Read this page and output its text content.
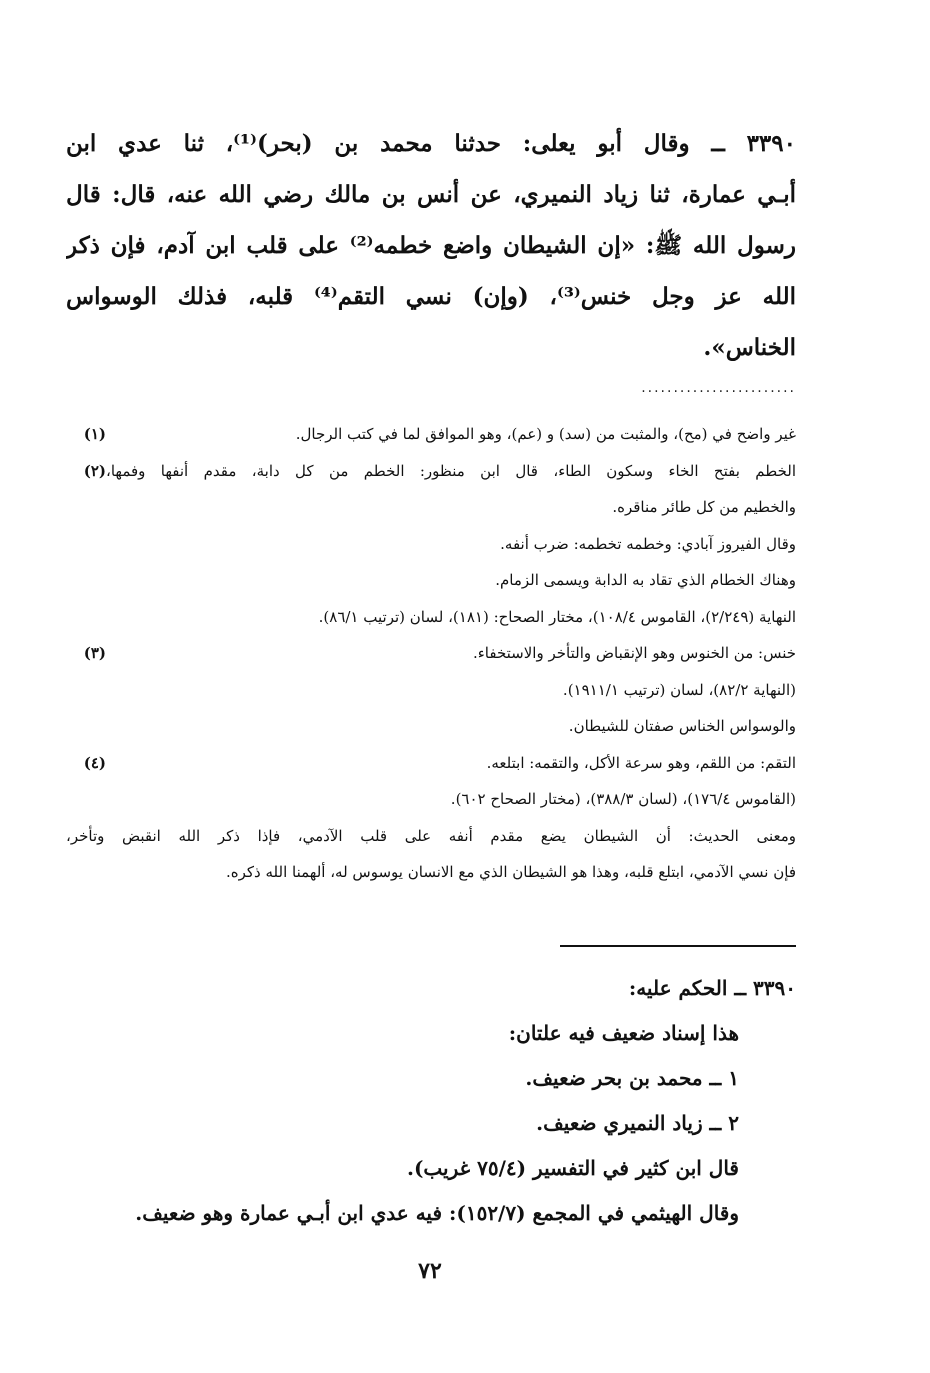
٣٣٩٠ ــ وقال أبو يعلى: حدثنا محمد بن (بحر)⁽¹⁾، ثنا عدي ابن
أبـي عمارة، ثنا زياد النميري، عن أنس بن مالك رضي الله عنه، قال: قال
رسول الله ﷺ: «إن الشيطان واضع خطمه⁽²⁾ على قلب ابن آدم، فإن ذكر
الله عز وجل خنس⁽³⁾، (وإن) نسي التقم⁽⁴⁾ قلبه، فذلك الوسواس
الخناس».
........................
(١)	غير واضح في (مح)، والمثبت من (سد) و (عم)، وهو الموافق لما في كتب الرجال.
(٢) الخطم بفتح الخاء وسكون الطاء، قال ابن منظور: الخطم من كل دابة، مقدم أنفها وفمها،
والخطيم من كل طائر مناقره.
وقال الفيروز آبادي: وخطمه تخطمه: ضرب أنفه.
وهناك الخطام الذي تقاد به الدابة ويسمى الزمام.
النهاية (٢/٢٤٩)، القاموس ١٠٨/٤)، مختار الصحاح: (١٨١)، لسان (ترتيب ٨٦/١).
(٣)	خنس: من الخنوس وهو الإنقباض والتأخر والاستخفاء.
(النهاية ٨٢/٢)، لسان (ترتيب ١٩١١/١).
والوسواس الخناس صفتان للشيطان.
(٤)	التقم: من اللقم، وهو سرعة الأكل، والتقمه: ابتلعه.
(القاموس ١٧٦/٤)، (لسان ٣٨٨/٣)، (مختار الصحاح ٦٠٢).
ومعنى الحديث: أن الشيطان يضع مقدم أنفه على قلب الآدمي، فإذا ذكر الله انقبض وتأخر،
فإن نسي الآدمي، ابتلع قلبه، وهذا هو الشيطان الذي مع الانسان يوسوس له، ألهمنا الله ذكره.
٣٣٩٠ ــ الحكم عليه:
هذا إسناد ضعيف فيه علتان:
١ ــ محمد بن بحر ضعيف.
٢ ــ زياد النميري ضعيف.
قال ابن كثير في التفسير (٧٥/٤ غريب).
وقال الهيثمي في المجمع (١٥٢/٧): فيه عدي ابن أبـي عمارة وهو ضعيف.
٧٢
